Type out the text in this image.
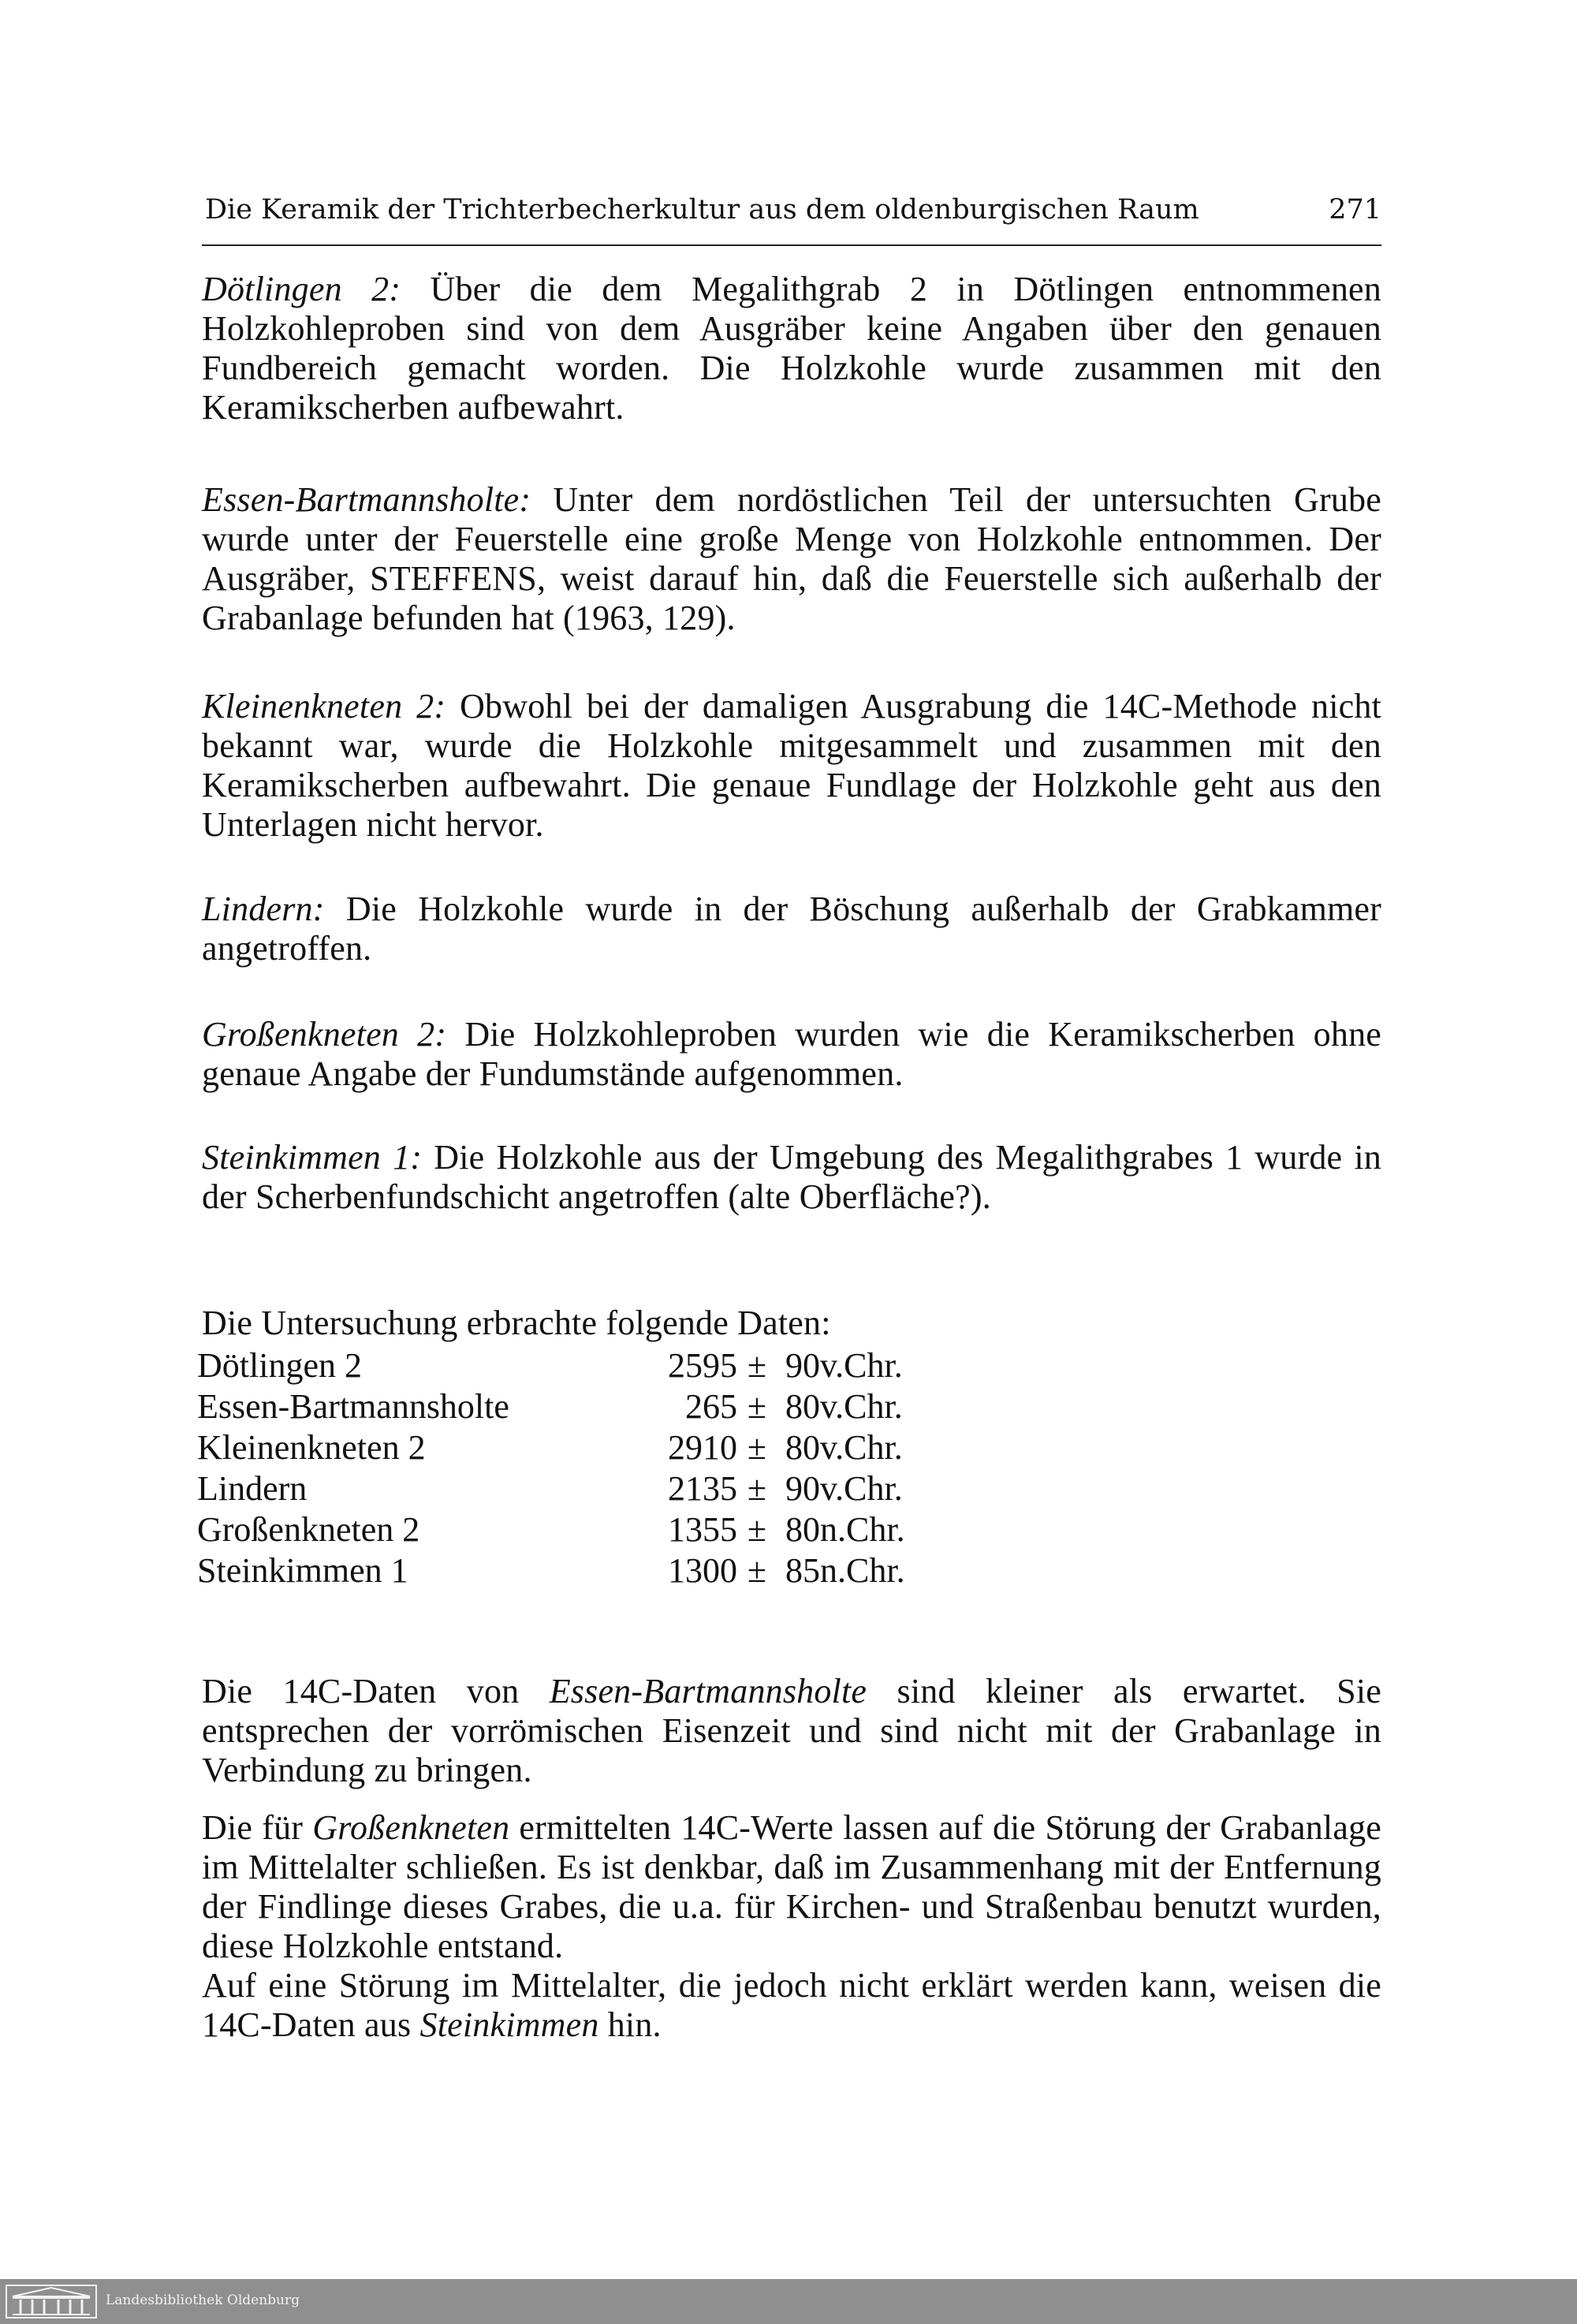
Die Keramik der Trichterbecherkultur aus dem oldenburgischen Raum	271

Dötlingen 2: Über die dem Megalithgrab 2 in Dötlingen entnommenen Holzkohleproben sind von dem Ausgräber keine Angaben über den genauen Fundbereich gemacht worden. Die Holzkohle wurde zusammen mit den Keramikscherben aufbewahrt.

Essen-Bartmannsholte: Unter dem nordöstlichen Teil der untersuchten Grube wurde unter der Feuerstelle eine große Menge von Holzkohle entnommen. Der Ausgräber, STEFFENS, weist darauf hin, daß die Feuerstelle sich außerhalb der Grabanlage befunden hat (1963, 129).

Kleinenkneten 2: Obwohl bei der damaligen Ausgrabung die 14C-Methode nicht bekannt war, wurde die Holzkohle mitgesammelt und zusammen mit den Keramikscherben aufbewahrt. Die genaue Fundlage der Holzkohle geht aus den Unterlagen nicht hervor.

Lindern: Die Holzkohle wurde in der Böschung außerhalb der Grabkammer angetroffen.

Großenkneten 2: Die Holzkohleproben wurden wie die Keramikscherben ohne genaue Angabe der Fundumstände aufgenommen.

Steinkimmen 1: Die Holzkohle aus der Umgebung des Megalithgrabes 1 wurde in der Scherbenfundschicht angetroffen (alte Oberfläche?).

Die Untersuchung erbrachte folgende Daten:

Dötlingen 2	2595	±	90	v.Chr.
Essen-Bartmannsholte	265	±	80	v.Chr.
Kleinenkneten 2	2910	±	80	v.Chr.
Lindern	2135	±	90	v.Chr.
Großenkneten 2	1355	±	80	n.Chr.
Steinkimmen 1	1300	±	85	n.Chr.

Die 14C-Daten von Essen-Bartmannsholte sind kleiner als erwartet. Sie entsprechen der vorrömischen Eisenzeit und sind nicht mit der Grabanlage in Verbindung zu bringen.

Die für Großenkneten ermittelten 14C-Werte lassen auf die Störung der Grabanlage im Mittelalter schließen. Es ist denkbar, daß im Zusammenhang mit der Entfernung der Findlinge dieses Grabes, die u.a. für Kirchen- und Straßenbau benutzt wurden, diese Holzkohle entstand.
Auf eine Störung im Mittelalter, die jedoch nicht erklärt werden kann, weisen die 14C-Daten aus Steinkimmen hin.

Landesbibliothek Oldenburg
